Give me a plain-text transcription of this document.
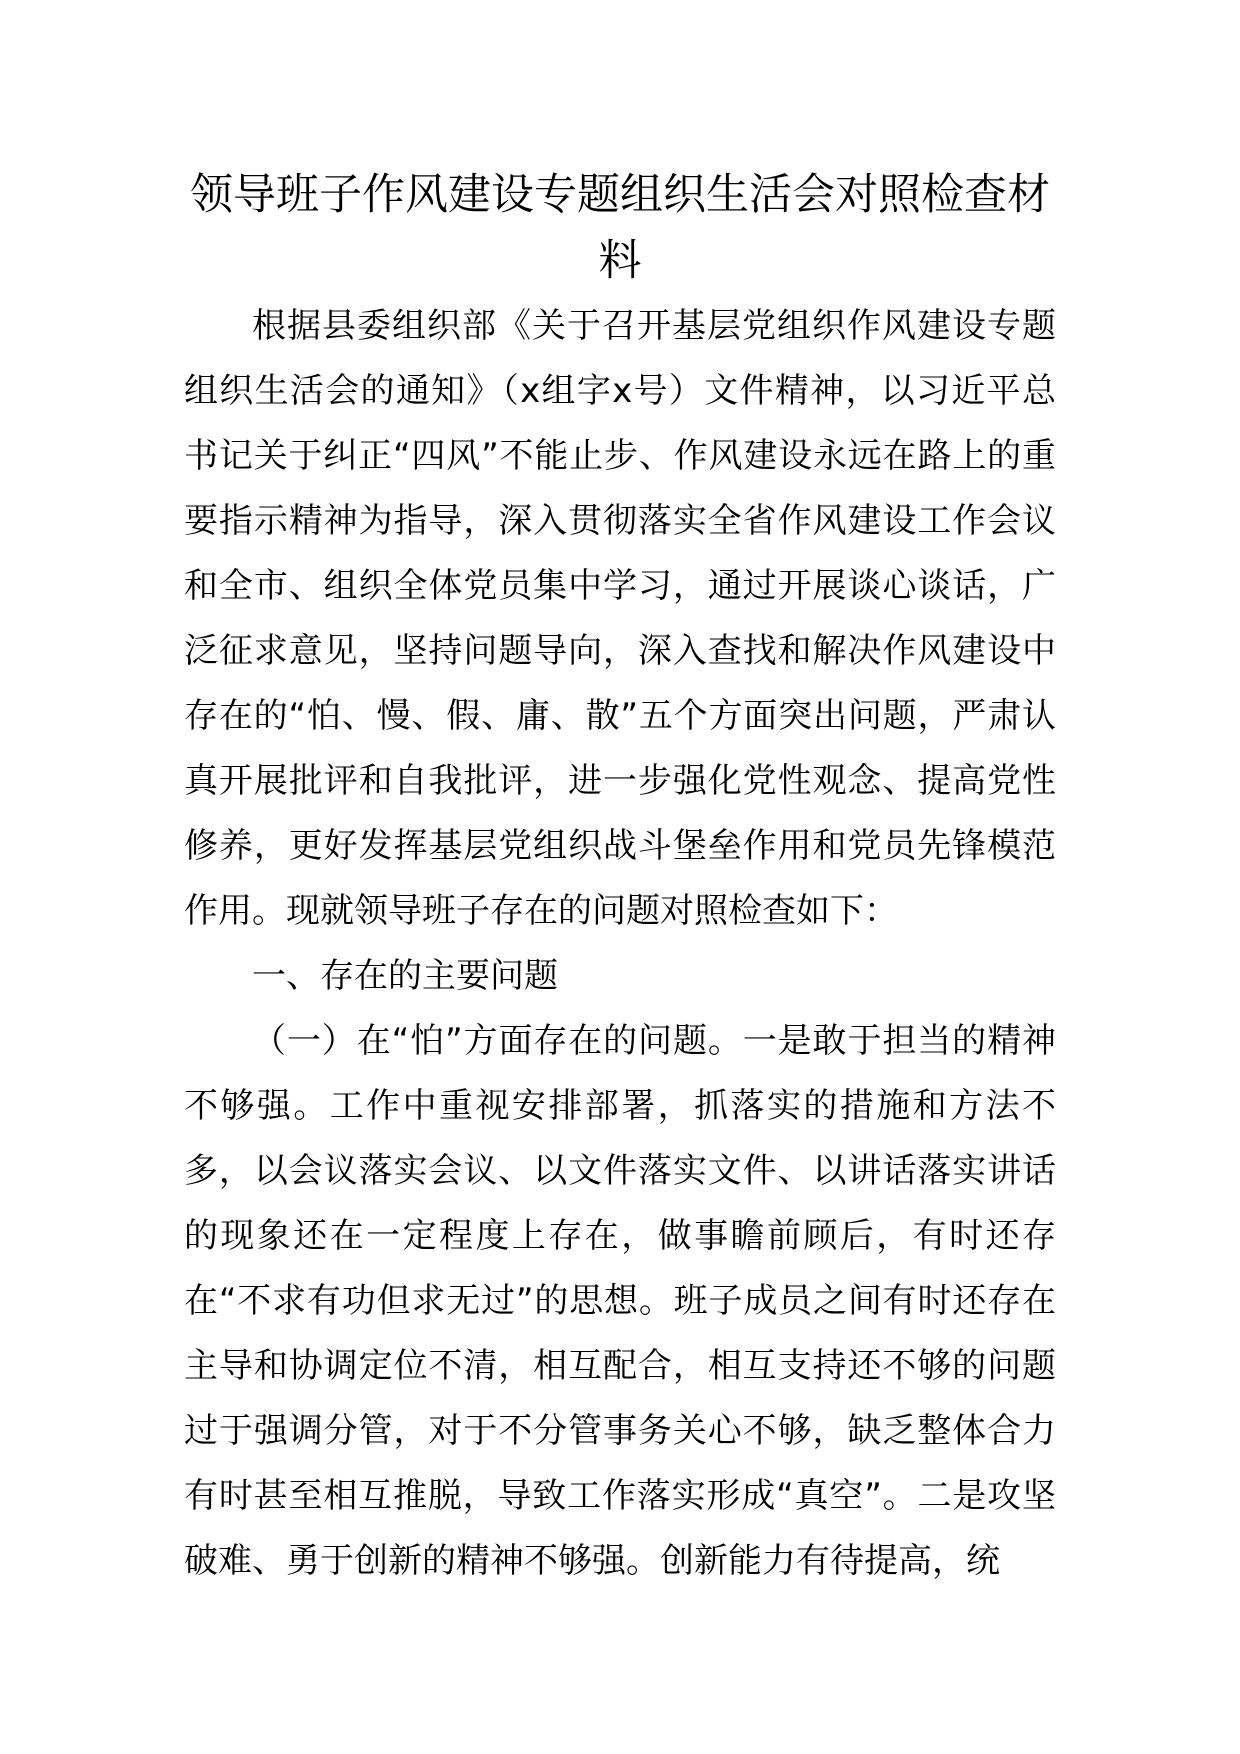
领导班子作风建设专题组织生活会对照检查材料

根据县委组织部《关于召开基层党组织作风建设专题组织生活会的通知》（x组字x号）文件精神，以习近平总书记关于纠正“四风”不能止步、作风建设永远在路上的重要指示精神为指导，深入贯彻落实全省作风建设工作会议和全市、组织全体党员集中学习，通过开展谈心谈话，广泛征求意见，坚持问题导向，深入查找和解决作风建设中存在的“怕、慢、假、庸、散”五个方面突出问题，严肃认真开展批评和自我批评，进一步强化党性观念、提高党性修养，更好发挥基层党组织战斗堡垒作用和党员先锋模范作用。现就领导班子存在的问题对照检查如下：

一、存在的主要问题

（一）在“怕”方面存在的问题。一是敢于担当的精神不够强。工作中重视安排部署，抓落实的措施和方法不多，以会议落实会议、以文件落实文件、以讲话落实讲话的现象还在一定程度上存在，做事瞻前顾后，有时还存在“不求有功但求无过”的思想。班子成员之间有时还存在主导和协调定位不清，相互配合，相互支持还不够的问题过于强调分管，对于不分管事务关心不够，缺乏整体合力有时甚至相互推脱，导致工作落实形成“真空”。二是攻坚破难、勇于创新的精神不够强。创新能力有待提高，统
